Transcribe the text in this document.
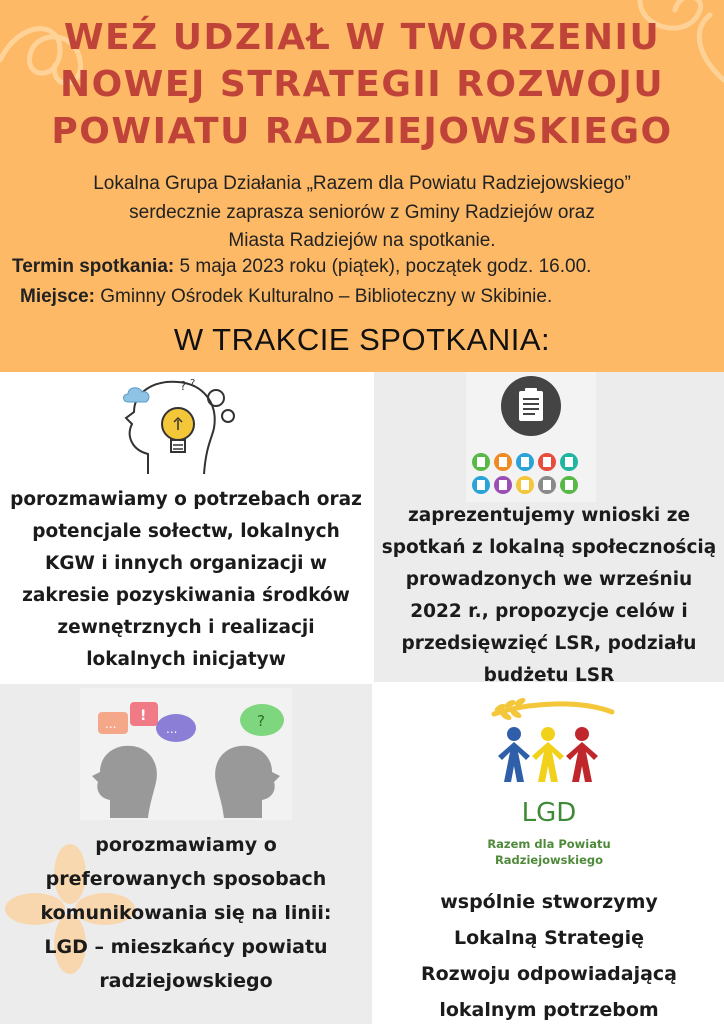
WEŹ UDZIAŁ W TWORZENIU
NOWEJ STRATEGII ROZWOJU
POWIATU RADZIEJOWSKIEGO
Lokalna Grupa Działania „Razem dla Powiatu Radziejowskiego”
serdecznie zaprasza seniorów z Gminy Radziejów oraz
Miasta Radziejów na spotkanie.
Termin spotkania: 5 maja 2023 roku (piątek), początek godz. 16.00.
Miejsce: Gminny Ośrodek Kulturalno – Biblioteczny w Skibinie.
W TRAKCIE SPOTKANIA:
? ?
porozmawiamy o potrzebach oraz
potencjale sołectw, lokalnych
KGW i innych organizacji w
zakresie pozyskiwania środków
zewnętrznych i realizacji
lokalnych inicjatyw
zaprezentujemy wnioski ze
spotkań z lokalną społecznością
prowadzonych we wrześniu
2022 r., propozycje celów i
przedsięwzięć LSR, podziału
budżetu LSR
... !
...	?
porozmawiamy o
preferowanych sposobach
komunikowania się na linii:
LGD – mieszkańcy powiatu
radziejowskiego
LGD
Razem dla Powiatu
Radziejowskiego
wspólnie stworzymy
Lokalną Strategię
Rozwoju odpowiadającą
lokalnym potrzebom
